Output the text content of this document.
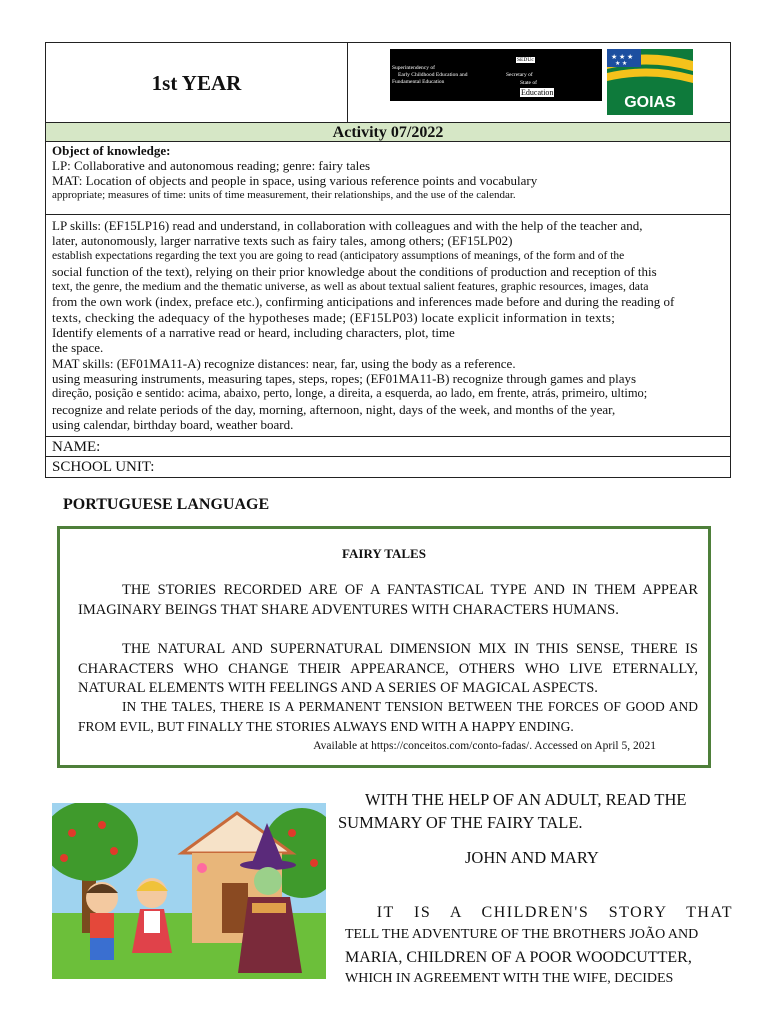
1st YEAR
Superintendency of
Early Childhood Education and
Fundamental Education
SEDUc
Secretary of
State of
Education
★ ★ ★
★ ★
GOIAS
Activity 07/2022
Object of knowledge:
LP: Collaborative and autonomous reading; genre: fairy tales
MAT: Location of objects and people in space, using various reference points and vocabulary
appropriate; measures of time: units of time measurement, their relationships, and the use of the calendar.
LP skills: (EF15LP16) read and understand, in collaboration with colleagues and with the help of the teacher and,
later, autonomously, larger narrative texts such as fairy tales, among others; (EF15LP02)
establish expectations regarding the text you are going to read (anticipatory assumptions of meanings, of the form and of the
social function of the text), relying on their prior knowledge about the conditions of production and reception of this
text, the genre, the medium and the thematic universe, as well as about textual salient features, graphic resources, images, data
from the own work (index, preface etc.), confirming anticipations and inferences made before and during the reading of
texts, checking the adequacy of the hypotheses made; (EF15LP03) locate explicit information in texts;
Identify elements of a narrative read or heard, including characters, plot, time
the space.
MAT skills: (EF01MA11-A) recognize distances: near, far, using the body as a reference.
using measuring instruments, measuring tapes, steps, ropes; (EF01MA11-B) recognize through games and plays
direção, posição e sentido: acima, abaixo, perto, longe, a direita, a esquerda, ao lado, em frente, atrás, primeiro, ultimo;
recognize and relate periods of the day, morning, afternoon, night, days of the week, and months of the year,
using calendar, birthday board, weather board.
NAME:
SCHOOL UNIT:
PORTUGUESE LANGUAGE
FAIRY TALES
THE STORIES RECORDED ARE OF A FANTASTICAL TYPE AND IN THEM APPEAR IMAGINARY BEINGS THAT SHARE ADVENTURES WITH CHARACTERS HUMANS.
THE NATURAL AND SUPERNATURAL DIMENSION MIX IN THIS SENSE, THERE IS CHARACTERS WHO CHANGE THEIR APPEARANCE, OTHERS WHO LIVE ETERNALLY, NATURAL ELEMENTS WITH FEELINGS AND A SERIES OF MAGICAL ASPECTS.
IN THE TALES, THERE IS A PERMANENT TENSION BETWEEN THE FORCES OF GOOD AND FROM EVIL, BUT FINALLY THE STORIES ALWAYS END WITH A HAPPY ENDING.
Available at https://conceitos.com/conto-fadas/. Accessed on April 5, 2021
WITH THE HELP OF AN ADULT, READ THE
SUMMARY OF THE FAIRY TALE.
JOHN AND MARY
IT IS A CHILDREN'S STORY THAT
TELL THE ADVENTURE OF THE BROTHERS JOÃO AND
MARIA, CHILDREN OF A POOR WOODCUTTER,
WHICH IN AGREEMENT WITH THE WIFE, DECIDES
